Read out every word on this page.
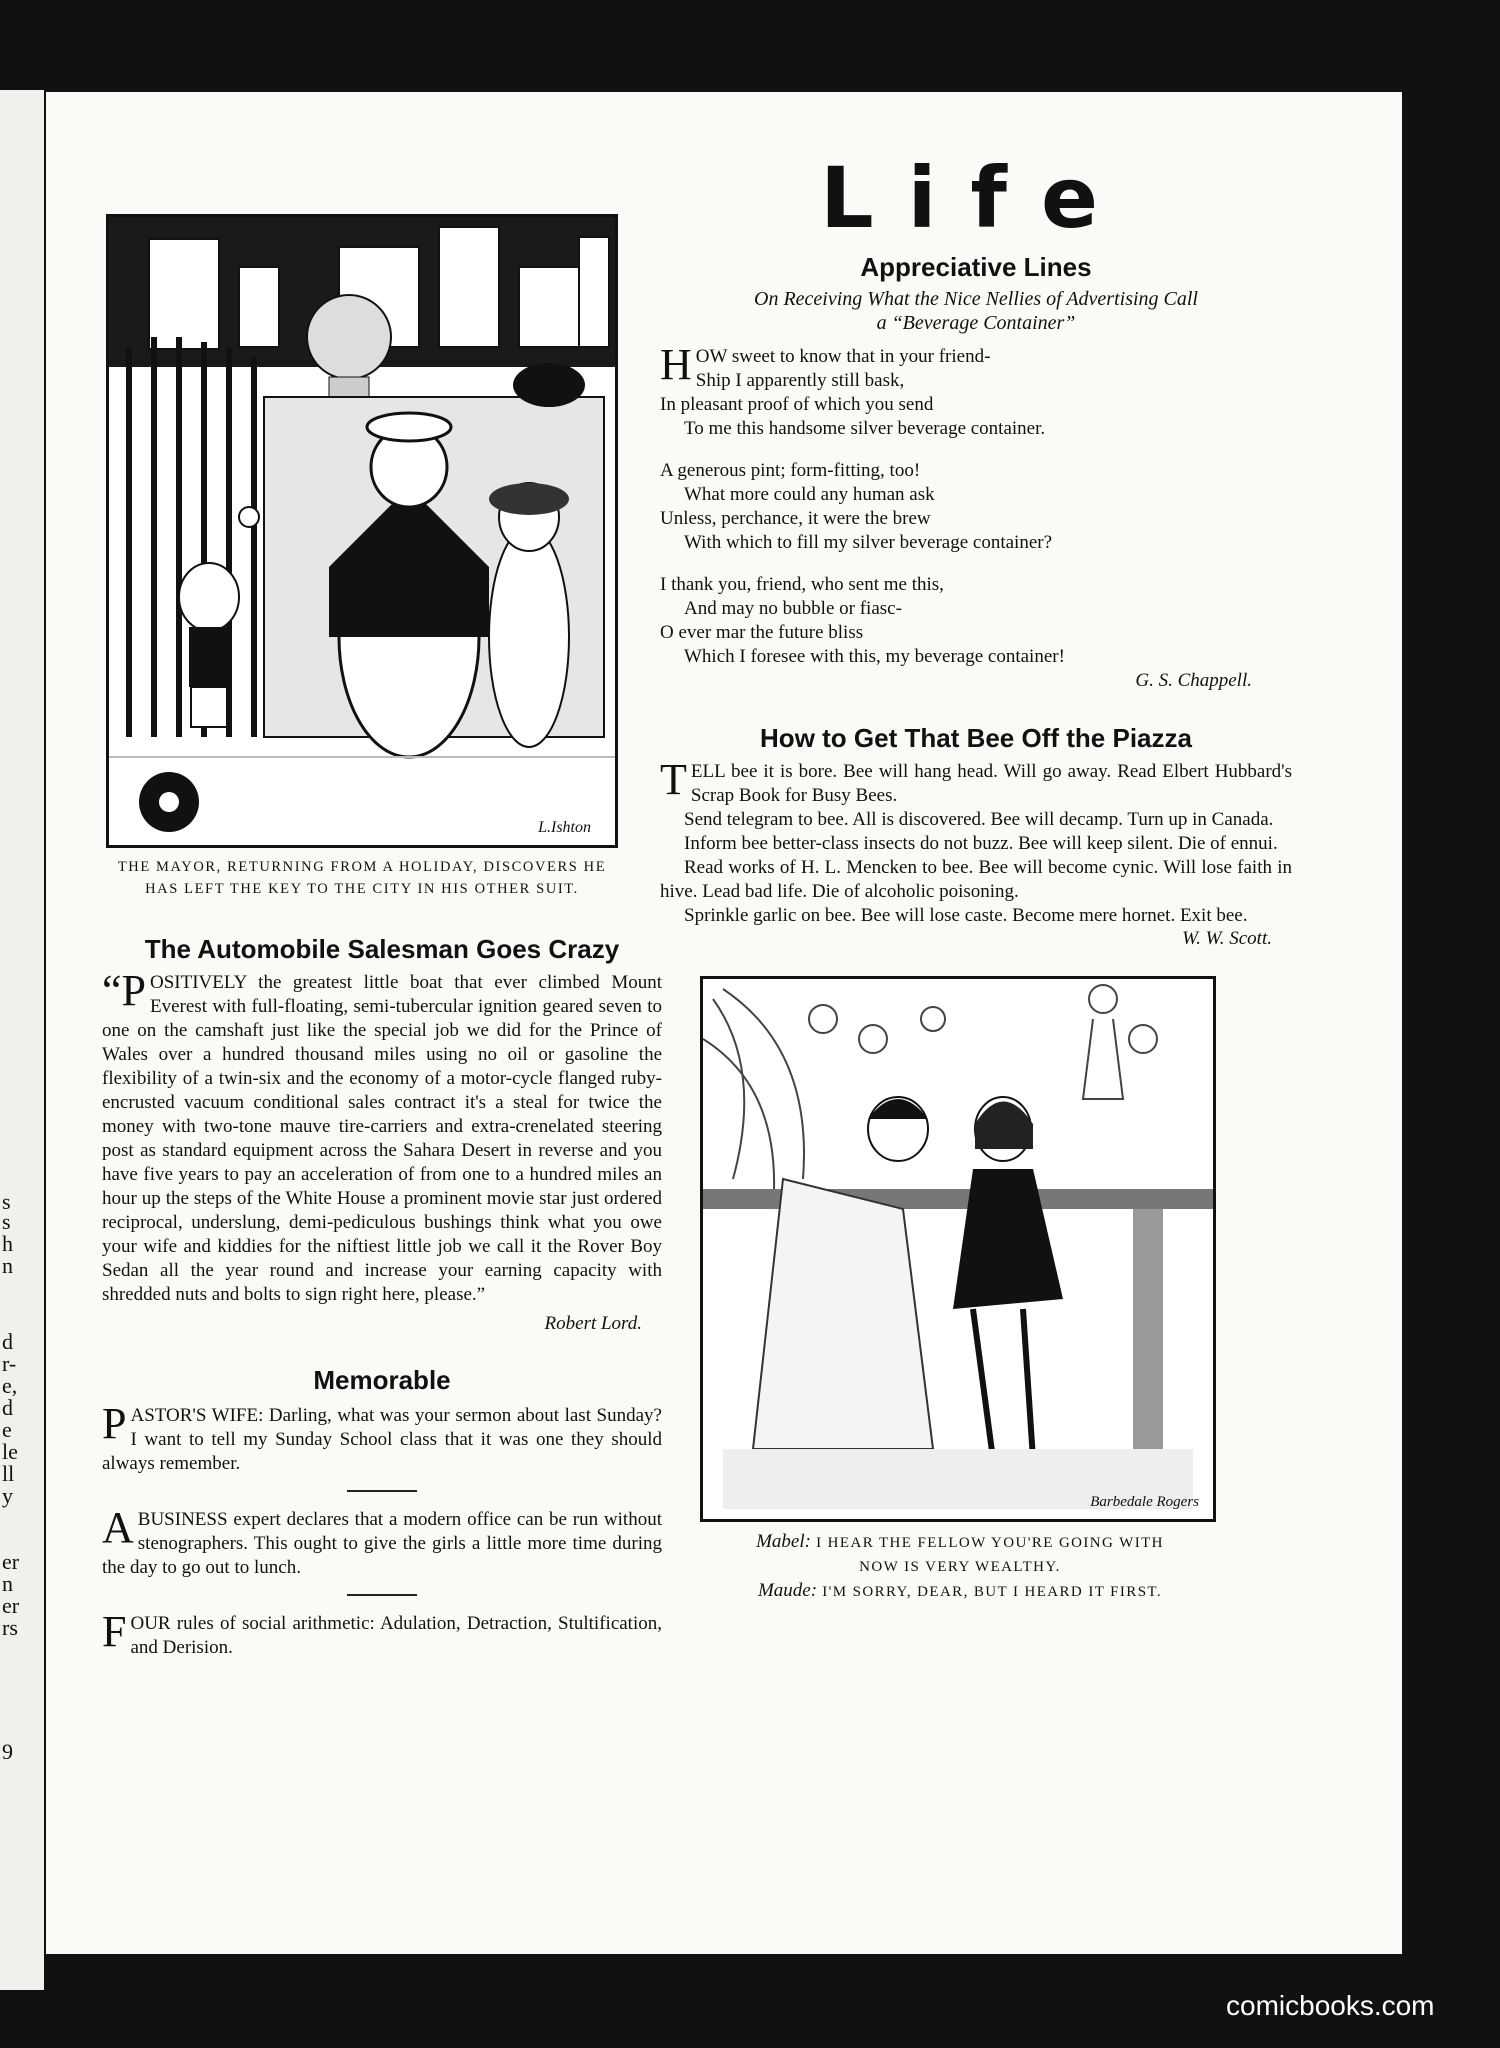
s
s
h
n
d
r-
e,
d
e
le
ll
y
er
n
er
rs
9
L.Ishton
THE MAYOR, RETURNING FROM A HOLIDAY, DISCOVERS HE
HAS LEFT THE KEY TO THE CITY IN HIS OTHER SUIT.
The Automobile Salesman Goes Crazy
“P OSITIVELY the greatest little boat that ever climbed Mount Everest with full-floating, semi-tubercular ignition geared seven to one on the camshaft just like the special job we did for the Prince of Wales over a hundred thousand miles using no oil or gasoline the flexibility of a twin-six and the economy of a motor-cycle flanged ruby-encrusted vacuum conditional sales contract it's a steal for twice the money with two-tone mauve tire-carriers and extra-crenelated steering post as standard equipment across the Sahara Desert in reverse and you have five years to pay an acceleration of from one to a hundred miles an hour up the steps of the White House a prominent movie star just ordered reciprocal, underslung, demi-pediculous bushings think what you owe your wife and kiddies for the niftiest little job we call it the Rover Boy Sedan all the year round and increase your earning capacity with shredded nuts and bolts to sign right here, please.”
Robert Lord.
Memorable
P ASTOR'S WIFE: Darling, what was your sermon about last Sunday? I want to tell my Sunday School class that it was one they should always remember.
A BUSINESS expert declares that a modern office can be run without stenographers. This ought to give the girls a little more time during the day to go out to lunch.
F OUR rules of social arithmetic: Adulation, Detraction, Stultification, and Derision.
Life
Appreciative Lines
On Receiving What the Nice Nellies of Advertising Call
a “Beverage Container”
HOW sweet to know that in your friend-
Ship I apparently still bask,
In pleasant proof of which you send
To me this handsome silver beverage container.
A generous pint; form-fitting, too!
What more could any human ask
Unless, perchance, it were the brew
With which to fill my silver beverage container?
I thank you, friend, who sent me this,
And may no bubble or fiasc-
O ever mar the future bliss
Which I foresee with this, my beverage container!
G. S. Chappell.
How to Get That Bee Off the Piazza

TELL bee it is bore. Bee will hang head. Will go away. Read Elbert Hubbard's Scrap Book for Busy Bees.

Send telegram to bee. All is discovered. Bee will decamp. Turn up in Canada.

Inform bee better-class insects do not buzz. Bee will keep silent. Die of ennui.

Read works of H. L. Mencken to bee. Bee will become cynic. Will lose faith in hive. Lead bad life. Die of alcoholic poisoning.

Sprinkle garlic on bee. Bee will lose caste. Become mere hornet. Exit bee.

W. W. Scott.
Barbedale Rogers
Mabel: I HEAR THE FELLOW YOU'RE GOING WITH
NOW IS VERY WEALTHY.
Maude: I'M SORRY, DEAR, BUT I HEARD IT FIRST.
comicbooks.com
